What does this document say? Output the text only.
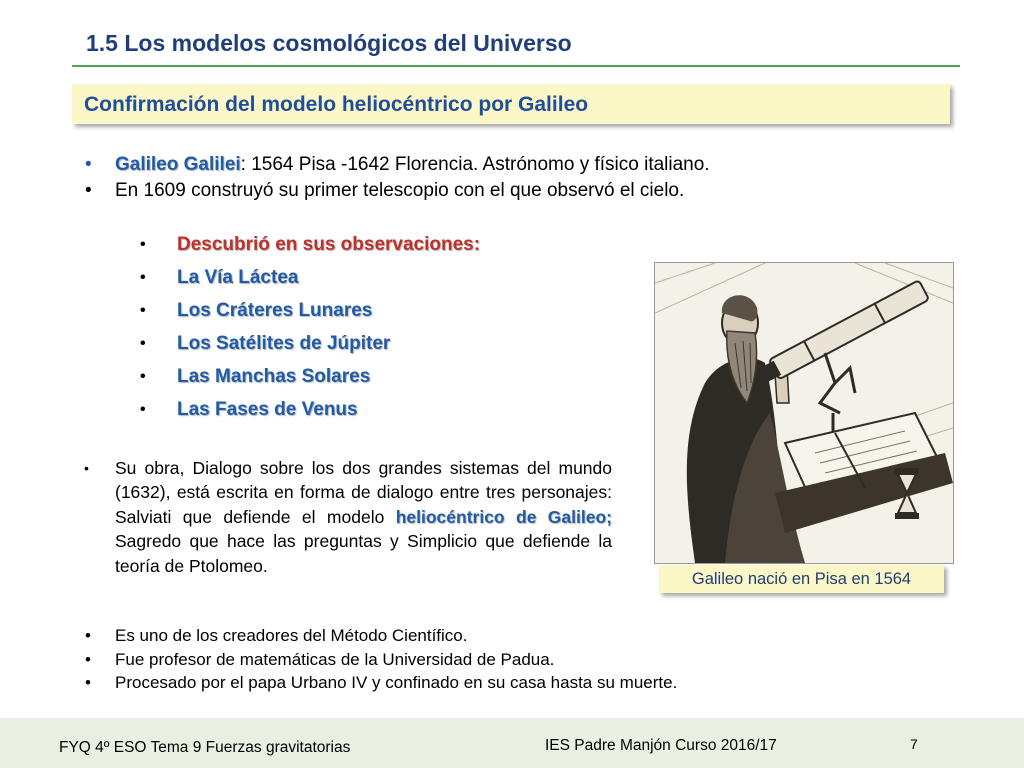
1.5 Los modelos cosmológicos del Universo
Confirmación del modelo heliocéntrico por Galileo
• Galileo Galilei: 1564 Pisa -1642 Florencia. Astrónomo y físico italiano.
• En 1609 construyó su primer telescopio con el que observó el cielo.
• Descubrió en sus observaciones:
• La Vía Láctea
• Los Cráteres Lunares
• Los Satélites de Júpiter
• Las Manchas Solares
• Las Fases de Venus
• Su obra, Dialogo sobre los dos grandes sistemas del mundo (1632), está escrita en forma de dialogo entre tres personajes: Salviati que defiende el modelo heliocéntrico de Galileo; Sagredo que hace las preguntas y Simplicio que defiende la teoría de Ptolomeo.
• Es uno de los creadores del Método Científico.
• Fue profesor de matemáticas de la Universidad de Padua.
• Procesado por el papa Urbano IV y confinado en su casa hasta su muerte.
Galileo nació en Pisa en 1564
FYQ 4º ESO Tema 9 Fuerzas gravitatorias	IES Padre Manjón Curso 2016/17	7
